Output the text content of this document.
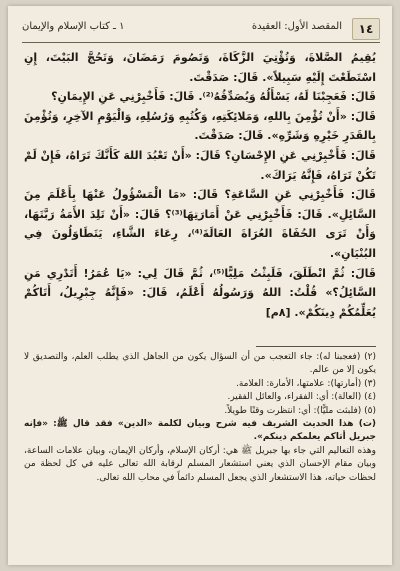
١٤
المقصد الأول: العقيدة
١ ـ كتاب الإسلام والإيمان

يُقِيمُ الصَّلاةَ، وَتُؤْتِيَ الزَّكَاةَ، وَتَصُومَ رَمَضَانَ، وَتَحُجَّ البَيْتَ، إِنِ اسْتَطَعْتَ إِلَيْهِ سَبِيلاً». قَالَ: صَدَقْتَ.

قَالَ: فَعَجِبْنَا لَهُ، يَسْأَلُهُ وَيُصَدِّقُهُ⁽²⁾. قَالَ: فَأَخْبِرْنِي عَنِ الإِيمَانِ؟

قَالَ: «أَنْ تُؤْمِنَ بِاللهِ، وَمَلائِكَتِهِ، وَكُتُبِهِ وَرُسُلِهِ، وَالْيَوْمِ الآخِرِ، وَتُؤْمِنَ بِالقَدَرِ خَيْرِهِ وَشَرِّهِ». قَالَ: صَدَقْتَ.

قَالَ: فَأَخْبِرْنِي عَنِ الإِحْسَانِ؟ قَالَ: «أَنْ تَعْبُدَ اللهَ كَأَنَّكَ تَرَاهُ، فَإِنْ لَمْ تَكُنْ تَرَاهُ، فَإِنَّهُ يَرَاكَ».

قَالَ: فَأَخْبِرْنِي عَنِ السَّاعَةِ؟ قَالَ: «مَا الْمَسْؤُولُ عَنْهَا بِأَعْلَمَ مِنَ السَّائِلِ». قَالَ: فَأَخْبِرْنِي عَنْ أَمَارَتِهَا⁽³⁾؟ قَالَ: «أَنْ تَلِدَ الأَمَةُ رَبَّتَهَا، وَأَنْ تَرَى الحُفَاةَ العُرَاةَ العَالَةَ⁽⁴⁾، رِعَاءَ الشَّاءِ، يَتَطَاوَلُونَ فِي البُنْيَانِ».

قَالَ: ثُمَّ انْطَلَقَ، فَلَبِثْتُ مَلِيًّا⁽⁵⁾، ثُمَّ قَالَ لِي: «يَا عُمَرُ! أَتَدْرِي مَنِ السَّائِلُ؟» قُلْتُ: اللهُ وَرَسُولُهُ أَعْلَمُ، قَالَ: «فَإِنَّهُ جِبْرِيلُ، أَتَاكُمْ يُعَلِّمُكُمْ دِينَكُمْ». [٨م]

(٢) (فعجبنا له): جاء التعجب من أن السؤال يكون من الجاهل الذي يطلب العلم، والتصديق لا يكون إلا من عالم.

(٣) (أمارتها): علامتها، الأمارة: العلامة.

(٤) (العالة): أي: الفقراء، والعائل الفقير.

(٥) (فلبثت مليًّا): أي: انتظرت وقتًا طويلاً.

(ت) هذا الحديث الشريف فيه شرح وبيان لكلمة «الدين» فقد قال ﷺ: «فإنه جبريل أتاكم يعلمكم دينكم».

وهذه التعاليم التي جاء بها جبريل ﷺ هي: أركان الإسلام، وأركان الإيمان، وبيان علامات الساعة، وبيان مقام الإحسان الذي يعني استشعار المسلم لرقابة الله تعالى عليه في كل لحظة من لحظات حياته، هذا الاستشعار الذي يجعل المسلم دائماً في محاب الله تعالى.
